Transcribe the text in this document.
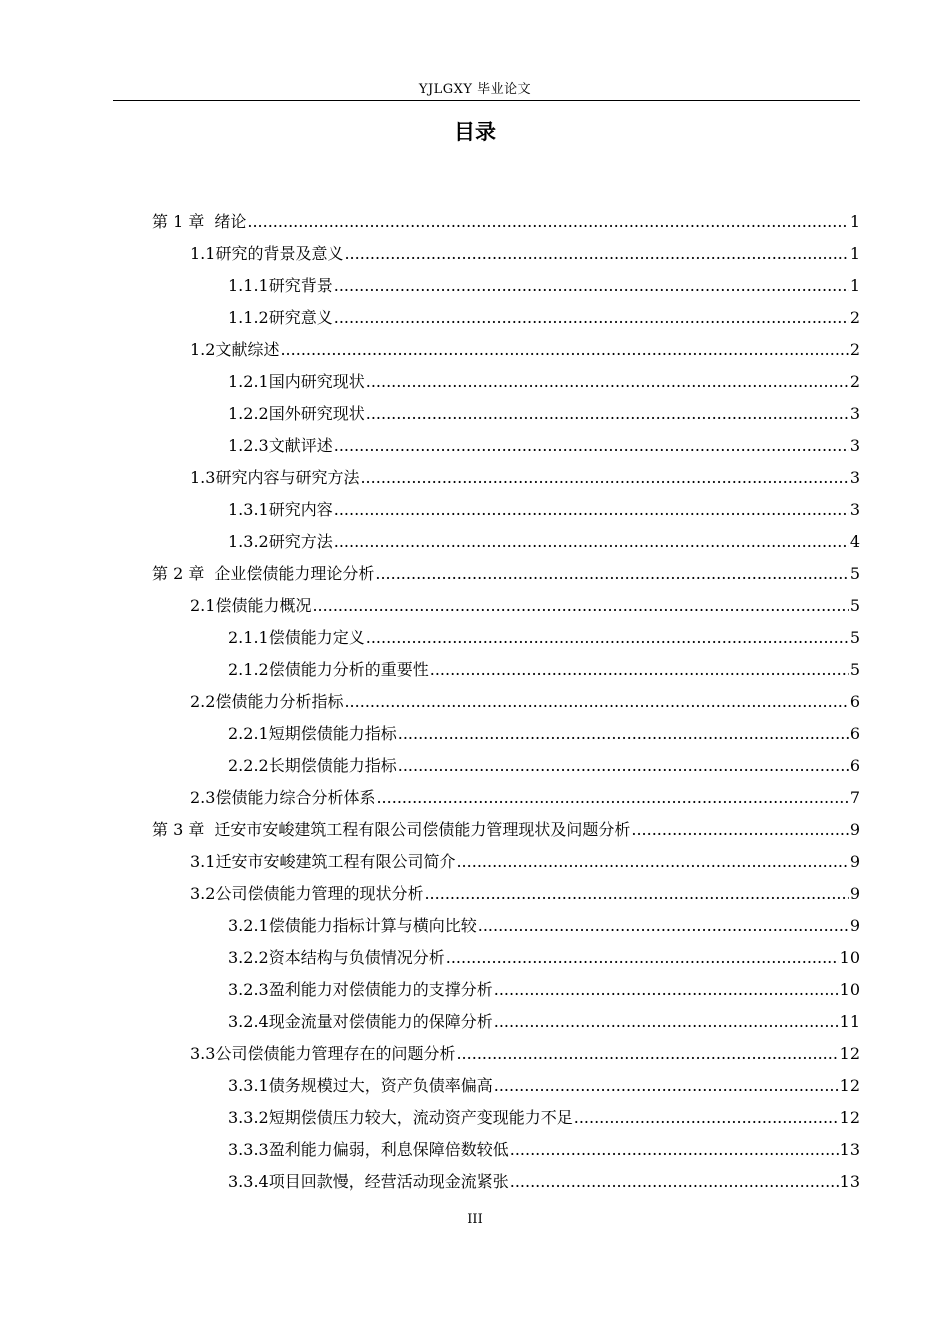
YJLGXY 毕业论文
目录
第 1 章 绪论 .....	1
1.1 研究的背景及意义 .....	1
1.1.1 研究背景 .....	1
1.1.2 研究意义 .....	2
1.2 文献综述 .....	2
1.2.1 国内研究现状 .....	2
1.2.2 国外研究现状 .....	3
1.2.3 文献评述 .....	3
1.3 研究内容与研究方法 .....	3
1.3.1 研究内容 .....	3
1.3.2 研究方法 .....	4
第 2 章 企业偿债能力理论分析 .....	5
2.1 偿债能力概况 .....	5
2.1.1 偿债能力定义 .....	5
2.1.2 偿债能力分析的重要性 .....	5
2.2 偿债能力分析指标 .....	6
2.2.1 短期偿债能力指标 .....	6
2.2.2 长期偿债能力指标 .....	6
2.3 偿债能力综合分析体系 .....	7
第 3 章 迁安市安峻建筑工程有限公司偿债能力管理现状及问题分析 .....	9
3.1 迁安市安峻建筑工程有限公司简介 .....	9
3.2 公司偿债能力管理的现状分析 .....	9
3.2.1 偿债能力指标计算与横向比较 .....	9
3.2.2 资本结构与负债情况分析 .....	10
3.2.3 盈利能力对偿债能力的支撑分析 .....	10
3.2.4 现金流量对偿债能力的保障分析 .....	11
3.3 公司偿债能力管理存在的问题分析 .....	12
3.3.1 债务规模过大，资产负债率偏高 .....	12
3.3.2 短期偿债压力较大，流动资产变现能力不足 .....	12
3.3.3 盈利能力偏弱，利息保障倍数较低 .....	13
3.3.4 项目回款慢，经营活动现金流紧张 .....	13
III
